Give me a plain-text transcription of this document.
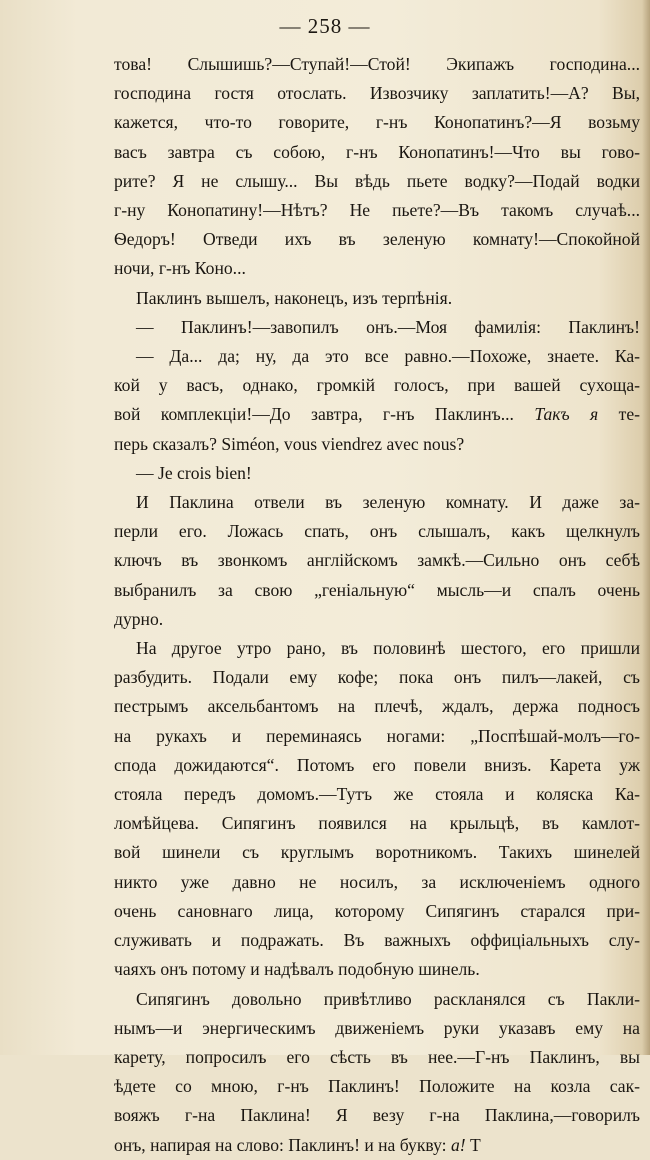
— 258 —
това! Слышишь?—Ступай!—Стой! Экипажъ господина...
господина гостя отослать. Извозчику заплатить!—А? Вы,
кажется, что-то говорите, г-нъ Конопатинъ?—Я возьму
васъ завтра съ собою, г-нъ Конопатинъ!—Что вы гово-
рите? Я не слышу... Вы вѣдь пьете водку?—Подай водки
г-ну Конопатину!—Нѣтъ? Не пьете?—Въ такомъ случаѣ...
Ѳедоръ! Отведи ихъ въ зеленую комнату!—Спокойной
ночи, г-нъ Коно...
Паклинъ вышелъ, наконецъ, изъ терпѣнія.
— Паклинъ!—завопилъ онъ.—Моя фамилія: Паклинъ!
— Да... да; ну, да это все равно.—Похоже, знаете. Ка-
кой у васъ, однако, громкій голосъ, при вашей сухоща-
вой комплекціи!—До завтра, г-нъ Паклинъ... Такъ я те-
перь сказалъ? Siméon, vous viendrez avec nous?
— Je crois bien!
И Паклина отвели въ зеленую комнату. И даже за-
перли его. Ложась спать, онъ слышалъ, какъ щелкнулъ
ключъ въ звонкомъ англійскомъ замкѣ.—Сильно онъ себѣ
выбранилъ за свою „геніальную“ мысль—и спалъ очень
дурно.
На другое утро рано, въ половинѣ шестого, его пришли
разбудить. Подали ему кофе; пока онъ пилъ—лакей, съ
пестрымъ аксельбантомъ на плечѣ, ждалъ, держа подносъ
на рукахъ и переминаясь ногами: „Поспѣшай-молъ—го-
спода дожидаются“. Потомъ его повели внизъ. Карета уж
стояла передъ домомъ.—Тутъ же стояла и коляска Ка-
ломѣйцева. Сипягинъ появился на крыльцѣ, въ камлот-
вой шинели съ круглымъ воротникомъ. Такихъ шинелей
никто уже давно не носилъ, за исключеніемъ одного
очень сановнаго лица, которому Сипягинъ старался при-
служивать и подражать. Въ важныхъ оффиціальныхъ слу-
чаяхъ онъ потому и надѣвалъ подобную шинель.
Сипягинъ довольно привѣтливо раскланялся съ Пакли-
нымъ—и энергическимъ движеніемъ руки указавъ ему на
карету, попросилъ его сѣсть въ нее.—Г-нъ Паклинъ, вы
ѣдете со мною, г-нъ Паклинъ! Положите на козла сак-
вояжъ г-на Паклина! Я везу г-на Паклина,—говорилъ
онъ, напирая на слово: Паклинъ! и на букву: а! Т
